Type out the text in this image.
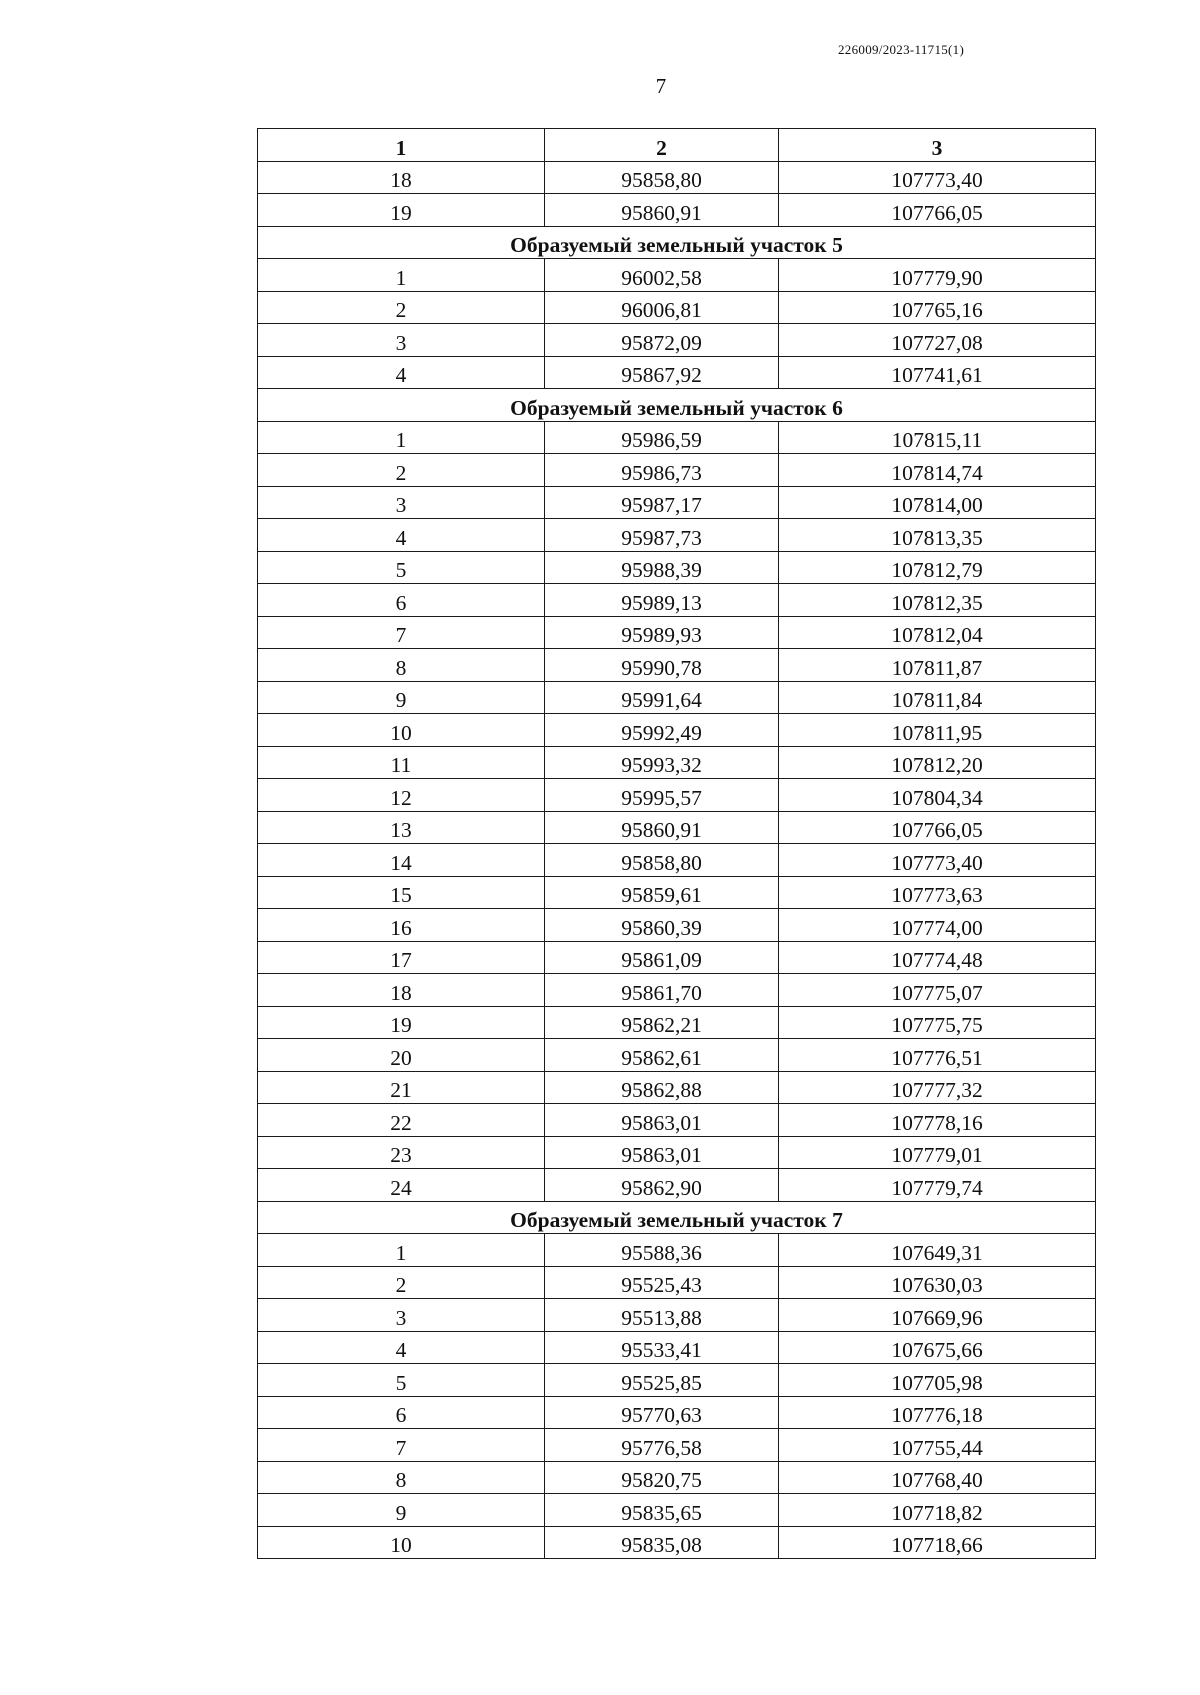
226009/2023-11715(1)
7
1	2	3
18	95858,80	107773,40
19	95860,91	107766,05
Образуемый земельный участок 5		
1	96002,58	107779,90
2	96006,81	107765,16
3	95872,09	107727,08
4	95867,92	107741,61
Образуемый земельный участок 6		
1	95986,59	107815,11
2	95986,73	107814,74
3	95987,17	107814,00
4	95987,73	107813,35
5	95988,39	107812,79
6	95989,13	107812,35
7	95989,93	107812,04
8	95990,78	107811,87
9	95991,64	107811,84
10	95992,49	107811,95
11	95993,32	107812,20
12	95995,57	107804,34
13	95860,91	107766,05
14	95858,80	107773,40
15	95859,61	107773,63
16	95860,39	107774,00
17	95861,09	107774,48
18	95861,70	107775,07
19	95862,21	107775,75
20	95862,61	107776,51
21	95862,88	107777,32
22	95863,01	107778,16
23	95863,01	107779,01
24	95862,90	107779,74
Образуемый земельный участок 7		
1	95588,36	107649,31
2	95525,43	107630,03
3	95513,88	107669,96
4	95533,41	107675,66
5	95525,85	107705,98
6	95770,63	107776,18
7	95776,58	107755,44
8	95820,75	107768,40
9	95835,65	107718,82
10	95835,08	107718,66
